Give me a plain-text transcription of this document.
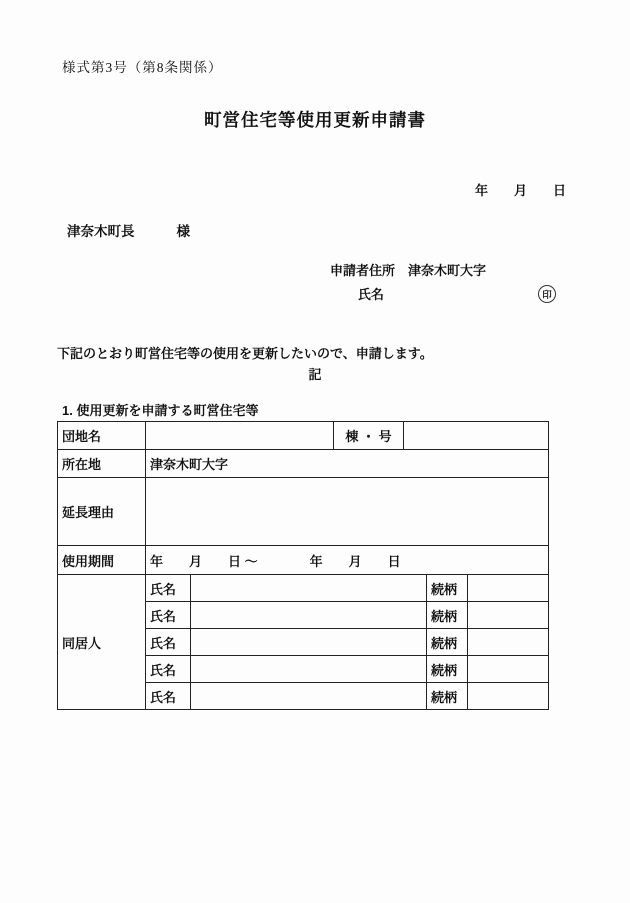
様式第3号（第8条関係）
町営住宅等使用更新申請書
年　　月　　日
津奈木町長	様
申請者住所 津奈木町大字
氏名	印
下記のとおり町営住宅等の使用を更新したいので、申請します。
記
1. 使用更新を申請する町営住宅等
団地名			棟 ・ 号			
所在地	津奈木町大字					
延長理由						
使用期間	年　　月　　日 ～　　　　年　　月　　日					
同居人	氏名				続柄	
	氏名				続柄	
	氏名				続柄	
	氏名				続柄	
	氏名				続柄	
